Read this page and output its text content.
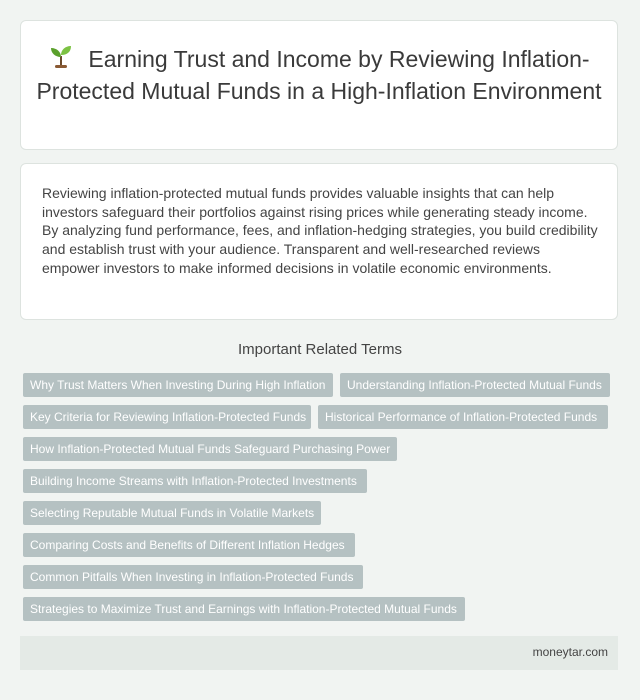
Earning Trust and Income by Reviewing Inflation-Protected Mutual Funds in a High-Inflation Environment

Reviewing inflation-protected mutual funds provides valuable insights that can help investors safeguard their portfolios against rising prices while generating steady income. By analyzing fund performance, fees, and inflation-hedging strategies, you build credibility and establish trust with your audience. Transparent and well-researched reviews empower investors to make informed decisions in volatile economic environments.

Important Related Terms
Why Trust Matters When Investing During High Inflation	Understanding Inflation-Protected Mutual Funds
Key Criteria for Reviewing Inflation-Protected Funds	Historical Performance of Inflation-Protected Funds
How Inflation-Protected Mutual Funds Safeguard Purchasing Power
Building Income Streams with Inflation-Protected Investments
Selecting Reputable Mutual Funds in Volatile Markets
Comparing Costs and Benefits of Different Inflation Hedges
Common Pitfalls When Investing in Inflation-Protected Funds
Strategies to Maximize Trust and Earnings with Inflation-Protected Mutual Funds
moneytar.com
